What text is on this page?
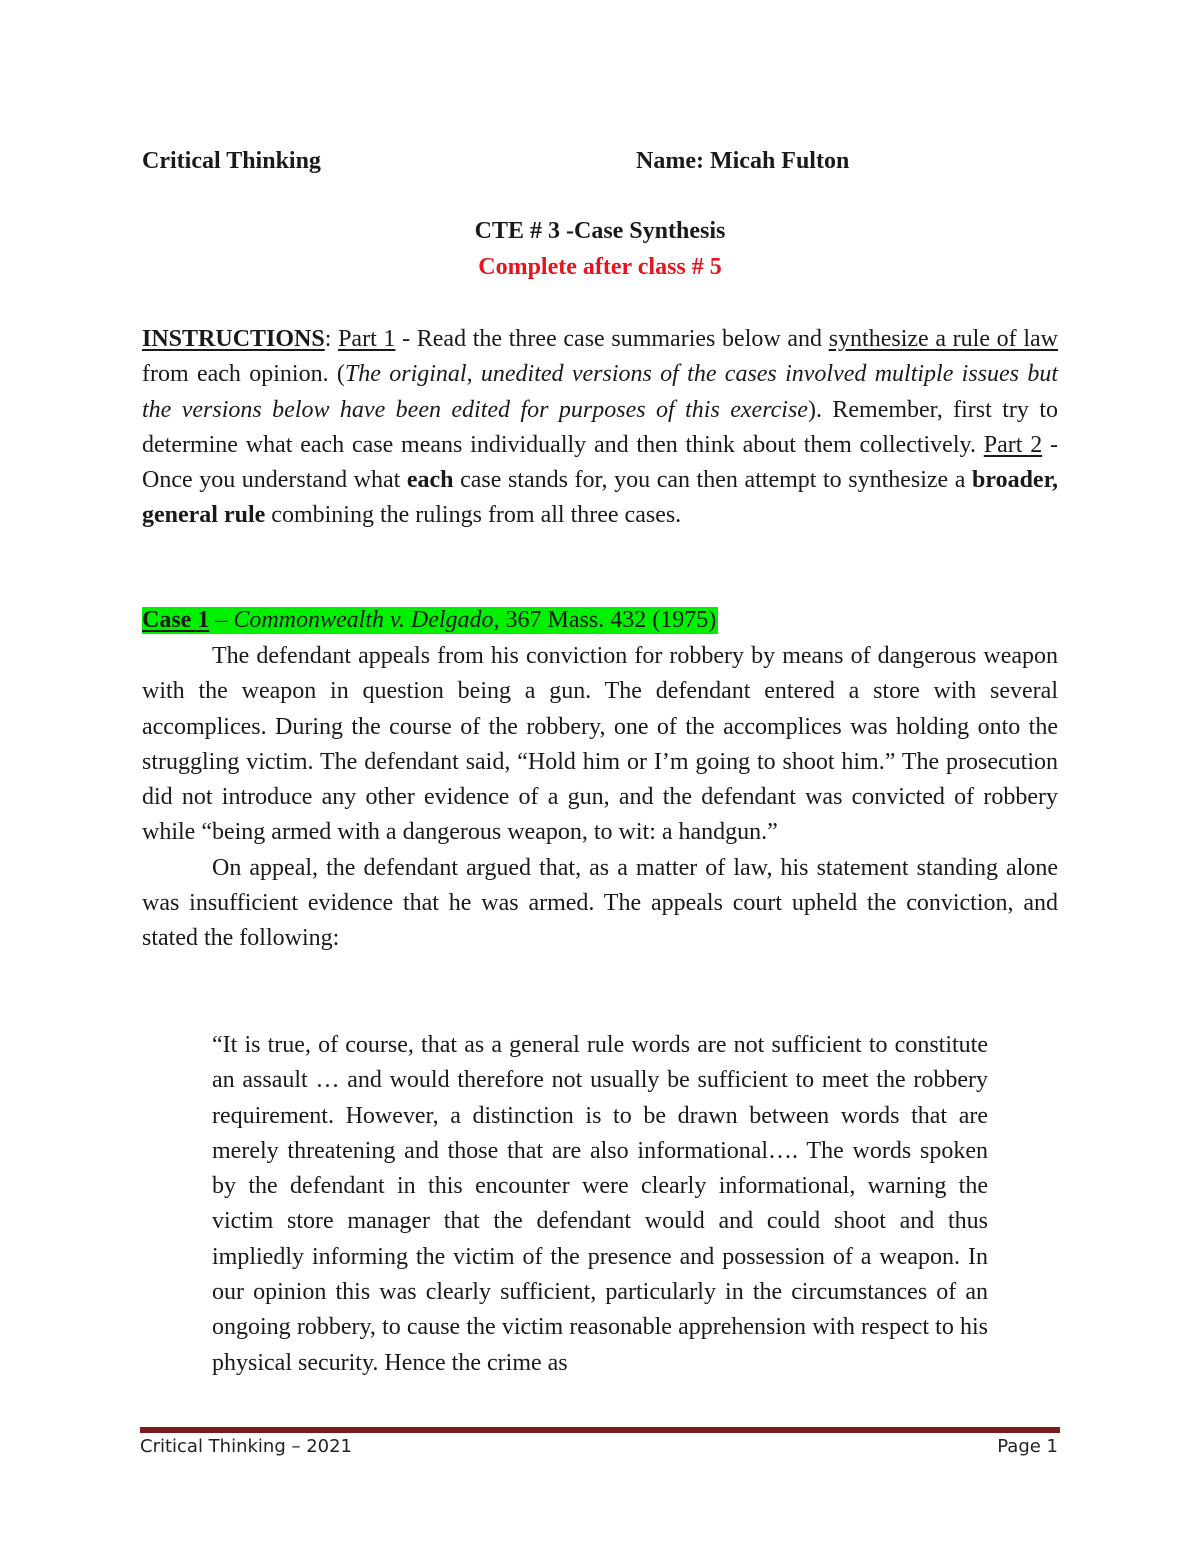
Critical Thinking	Name: Micah Fulton
CTE # 3 -Case Synthesis
Complete after class # 5
INSTRUCTIONS: Part 1 - Read the three case summaries below and synthesize a rule of law from each opinion. (The original, unedited versions of the cases involved multiple issues but the versions below have been edited for purposes of this exercise). Remember, first try to determine what each case means individually and then think about them collectively. Part 2 - Once you understand what each case stands for, you can then attempt to synthesize a broader, general rule combining the rulings from all three cases.
Case 1 – Commonwealth v. Delgado, 367 Mass. 432 (1975)

The defendant appeals from his conviction for robbery by means of dangerous weapon with the weapon in question being a gun. The defendant entered a store with several accomplices. During the course of the robbery, one of the accomplices was holding onto the struggling victim. The defendant said, “Hold him or I’m going to shoot him.” The prosecution did not introduce any other evidence of a gun, and the defendant was convicted of robbery while “being armed with a dangerous weapon, to wit: a handgun.”

On appeal, the defendant argued that, as a matter of law, his statement standing alone was insufficient evidence that he was armed. The appeals court upheld the conviction, and stated the following:

“It is true, of course, that as a general rule words are not sufficient to constitute an assault … and would therefore not usually be sufficient to meet the robbery requirement. However, a distinction is to be drawn between words that are merely threatening and those that are also informational…. The words spoken by the defendant in this encounter were clearly informational, warning the victim store manager that the defendant would and could shoot and thus impliedly informing the victim of the presence and possession of a weapon. In our opinion this was clearly sufficient, particularly in the circumstances of an ongoing robbery, to cause the victim reasonable apprehension with respect to his physical security. Hence the crime as
Critical Thinking – 2021	Page 1
